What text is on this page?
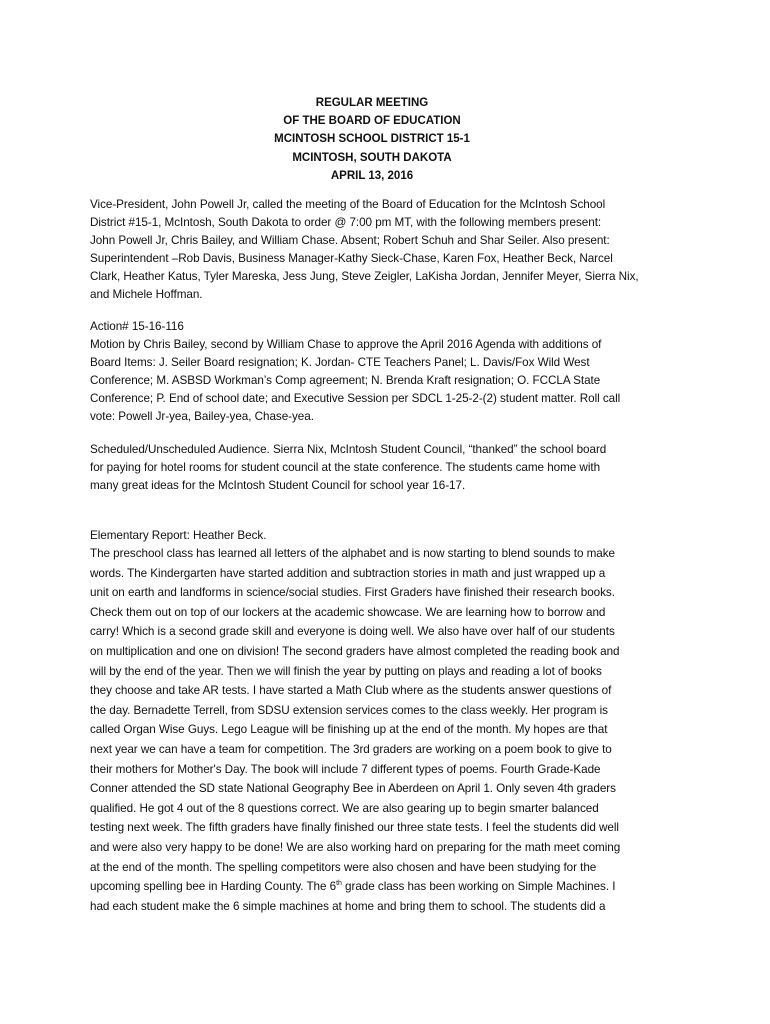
REGULAR MEETING
OF THE BOARD OF EDUCATION
MCINTOSH SCHOOL DISTRICT 15-1
MCINTOSH, SOUTH DAKOTA
APRIL 13, 2016
Vice-President, John Powell Jr, called the meeting of the Board of Education for the McIntosh School
District #15-1, McIntosh, South Dakota to order @ 7:00 pm MT, with the following members present:
John Powell Jr, Chris Bailey, and William Chase. Absent; Robert Schuh and Shar Seiler. Also present:
Superintendent –Rob Davis, Business Manager-Kathy Sieck-Chase, Karen Fox, Heather Beck, Narcel
Clark, Heather Katus, Tyler Mareska, Jess Jung, Steve Zeigler, LaKisha Jordan, Jennifer Meyer, Sierra Nix,
and Michele Hoffman.
Action# 15-16-116
Motion by Chris Bailey, second by William Chase to approve the April 2016 Agenda with additions of
Board Items: J. Seiler Board resignation; K. Jordan- CTE Teachers Panel; L. Davis/Fox Wild West
Conference; M. ASBSD Workman’s Comp agreement; N. Brenda Kraft resignation; O. FCCLA State
Conference; P. End of school date; and Executive Session per SDCL 1-25-2-(2) student matter. Roll call
vote: Powell Jr-yea, Bailey-yea, Chase-yea.
Scheduled/Unscheduled Audience. Sierra Nix, McIntosh Student Council, “thanked” the school board
for paying for hotel rooms for student council at the state conference. The students came home with
many great ideas for the McIntosh Student Council for school year 16-17.
Elementary Report: Heather Beck.
The preschool class has learned all letters of the alphabet and is now starting to blend sounds to make
words. The Kindergarten have started addition and subtraction stories in math and just wrapped up a
unit on earth and landforms in science/social studies. First Graders have finished their research books.
Check them out on top of our lockers at the academic showcase. We are learning how to borrow and
carry! Which is a second grade skill and everyone is doing well. We also have over half of our students
on multiplication and one on division! The second graders have almost completed the reading book and
will by the end of the year. Then we will finish the year by putting on plays and reading a lot of books
they choose and take AR tests. I have started a Math Club where as the students answer questions of
the day. Bernadette Terrell, from SDSU extension services comes to the class weekly. Her program is
called Organ Wise Guys. Lego League will be finishing up at the end of the month. My hopes are that
next year we can have a team for competition. The 3rd graders are working on a poem book to give to
their mothers for Mother's Day. The book will include 7 different types of poems. Fourth Grade-Kade
Conner attended the SD state National Geography Bee in Aberdeen on April 1. Only seven 4th graders
qualified. He got 4 out of the 8 questions correct. We are also gearing up to begin smarter balanced
testing next week. The fifth graders have finally finished our three state tests. I feel the students did well
and were also very happy to be done! We are also working hard on preparing for the math meet coming
at the end of the month. The spelling competitors were also chosen and have been studying for the
upcoming spelling bee in Harding County. The 6th grade class has been working on Simple Machines. I
had each student make the 6 simple machines at home and bring them to school. The students did a
